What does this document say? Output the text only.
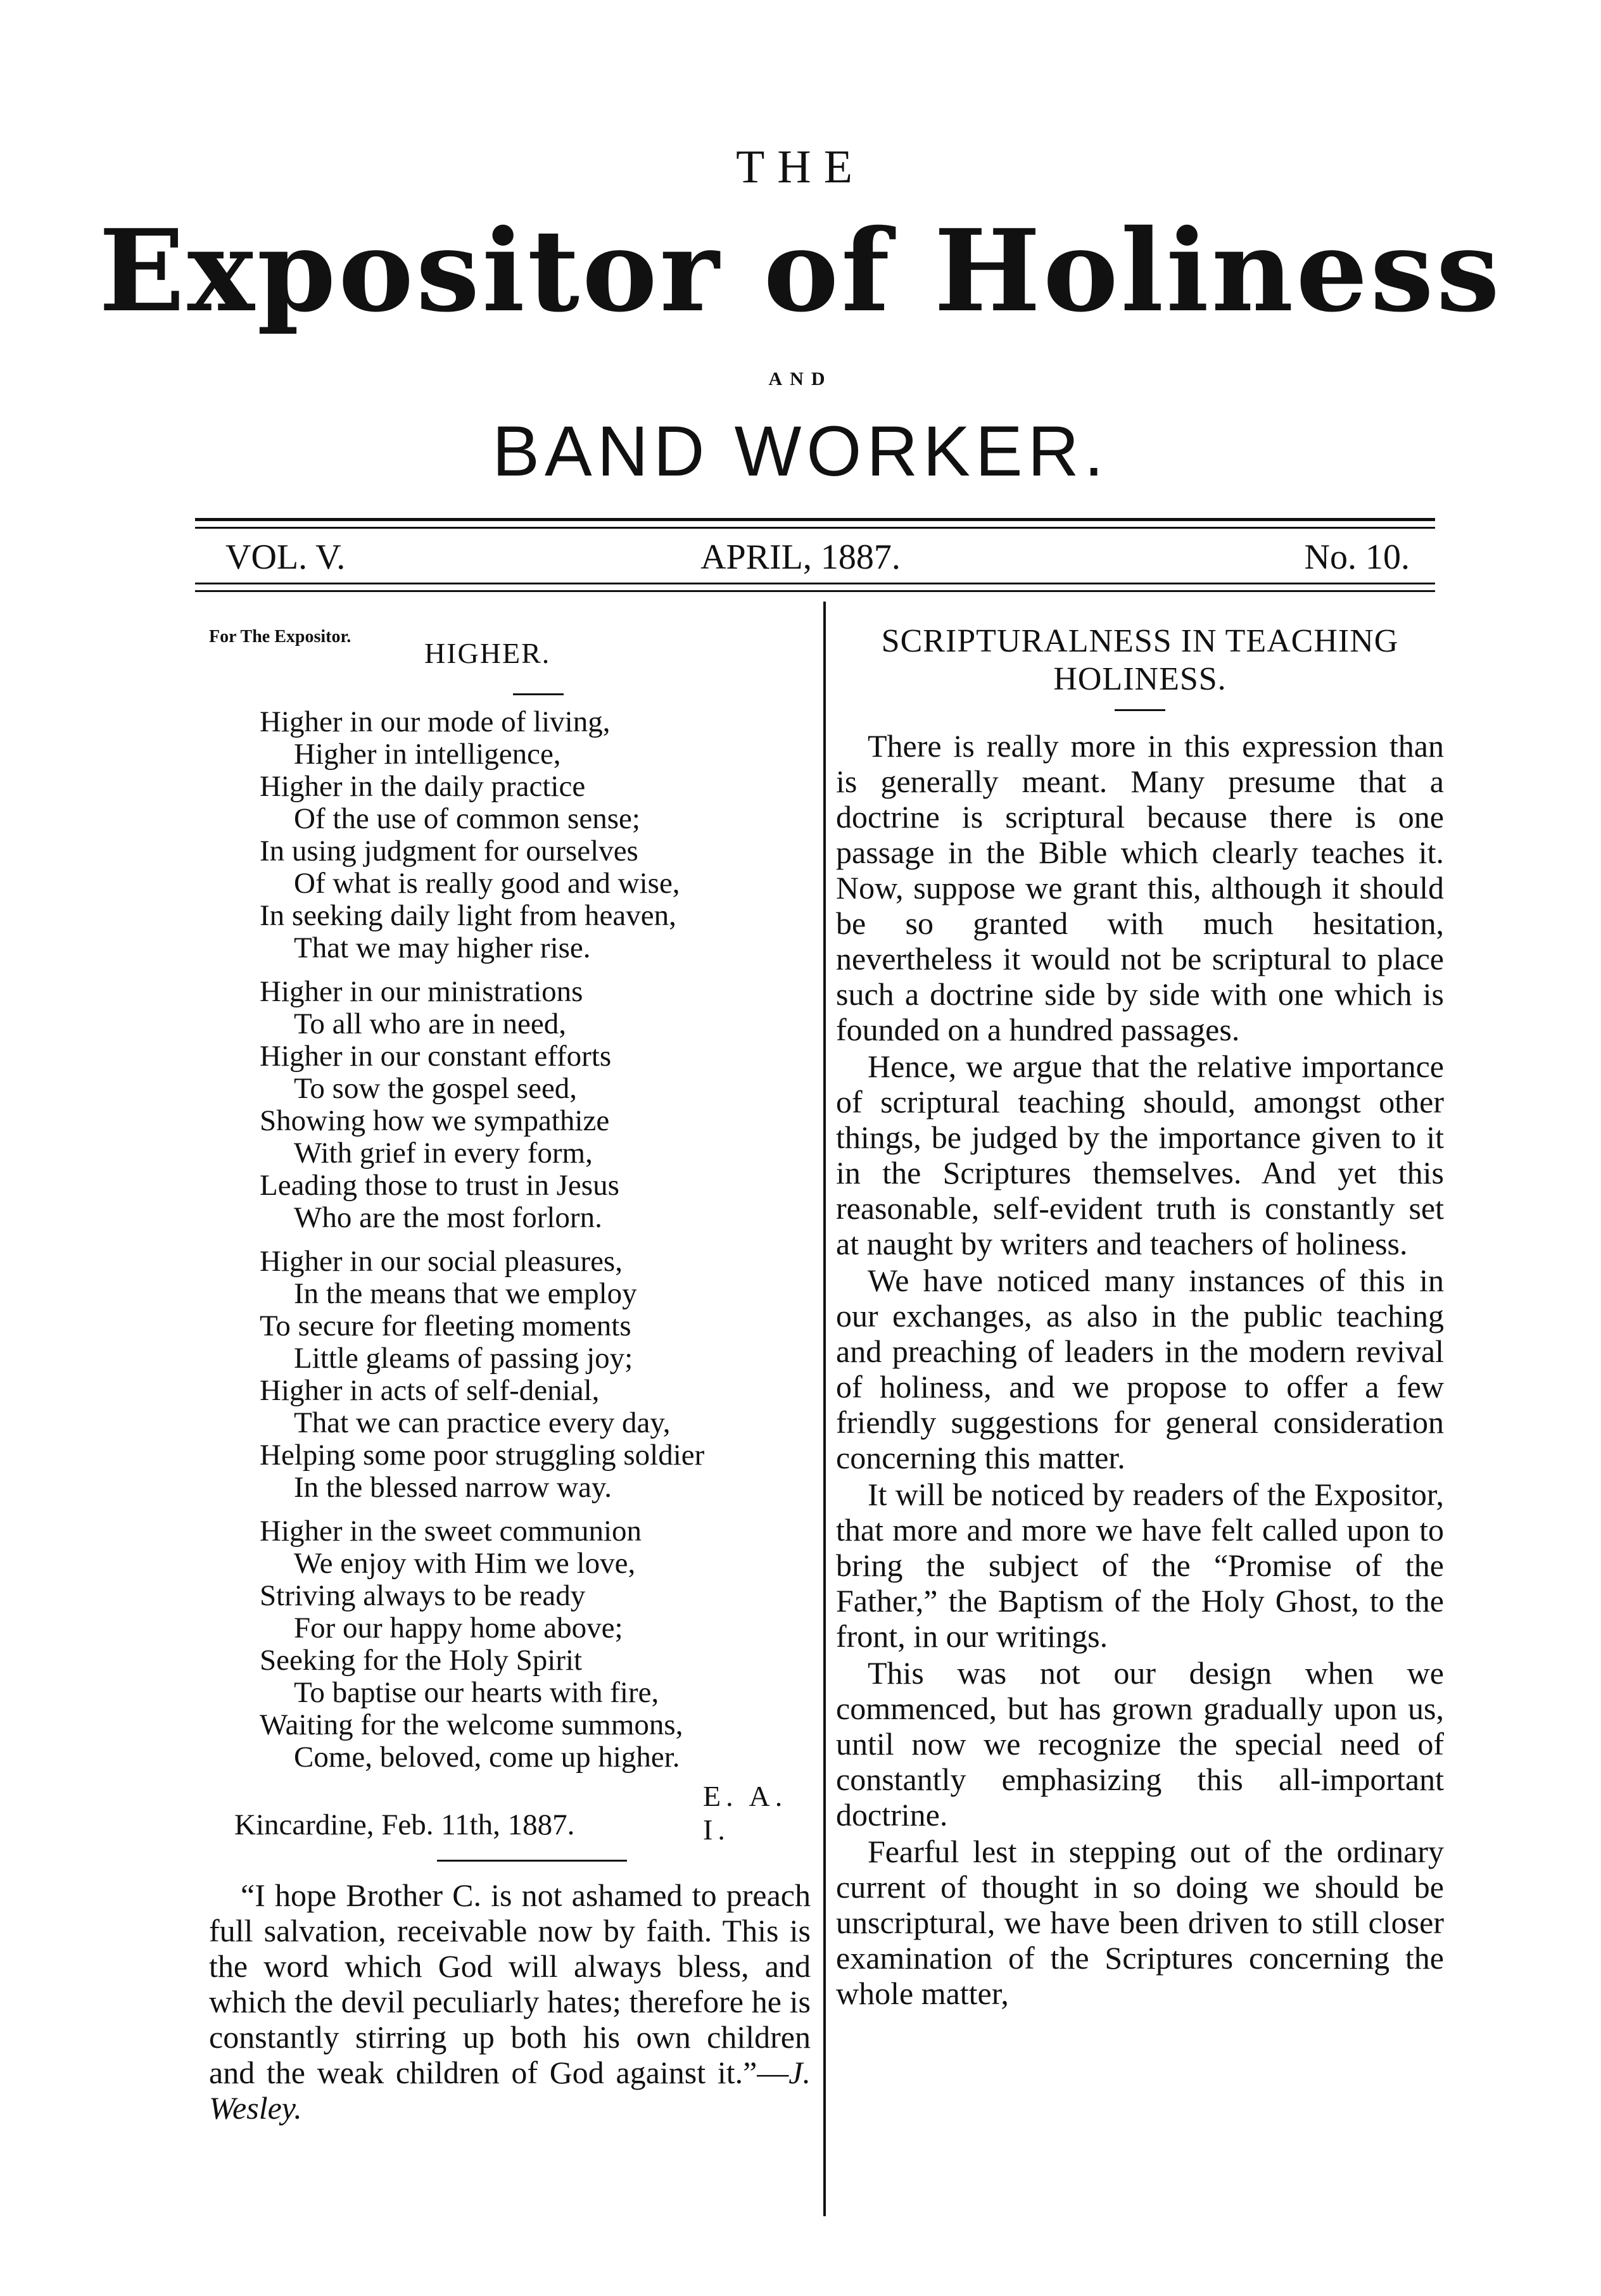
THE
Expositor of Holiness
AND
BAND WORKER.
VOL. V.	APRIL, 1887.	No. 10.
For The Expositor.
HIGHER.
Higher in our mode of living,
Higher in intelligence,
Higher in the daily practice
Of the use of common sense;
In using judgment for ourselves
Of what is really good and wise,
In seeking daily light from heaven,
That we may higher rise.
Higher in our ministrations
To all who are in need,
Higher in our constant efforts
To sow the gospel seed,
Showing how we sympathize
With grief in every form,
Leading those to trust in Jesus
Who are the most forlorn.
Higher in our social pleasures,
In the means that we employ
To secure for fleeting moments
Little gleams of passing joy;
Higher in acts of self-denial,
That we can practice every day,
Helping some poor struggling soldier
In the blessed narrow way.
Higher in the sweet communion
We enjoy with Him we love,
Striving always to be ready
For our happy home above;
Seeking for the Holy Spirit
To baptise our hearts with fire,
Waiting for the welcome summons,
Come, beloved, come up higher.
E. A. I.
Kincardine, Feb. 11th, 1887.

“I hope Brother C. is not ashamed to preach full salvation, receivable now by faith. This is the word which God will always bless, and which the devil peculiarly hates; therefore he is constantly stirring up both his own children and the weak children of God against it.”—J. Wesley.

SCRIPTURALNESS IN TEACHING
HOLINESS.

There is really more in this expression than is generally meant. Many presume that a doctrine is scriptural because there is one passage in the Bible which clearly teaches it. Now, suppose we grant this, although it should be so granted with much hesitation, nevertheless it would not be scriptural to place such a doctrine side by side with one which is founded on a hundred passages.

Hence, we argue that the relative importance of scriptural teaching should, amongst other things, be judged by the importance given to it in the Scriptures themselves. And yet this reasonable, self-evident truth is constantly set at naught by writers and teachers of holiness.

We have noticed many instances of this in our exchanges, as also in the public teaching and preaching of leaders in the modern revival of holiness, and we propose to offer a few friendly suggestions for general consideration concerning this matter.

It will be noticed by readers of the Expositor, that more and more we have felt called upon to bring the subject of the “Promise of the Father,” the Baptism of the Holy Ghost, to the front, in our writings.

This was not our design when we commenced, but has grown gradually upon us, until now we recognize the special need of constantly emphasizing this all-important doctrine.

Fearful lest in stepping out of the ordinary current of thought in so doing we should be unscriptural, we have been driven to still closer examination of the Scriptures concerning the whole matter,
